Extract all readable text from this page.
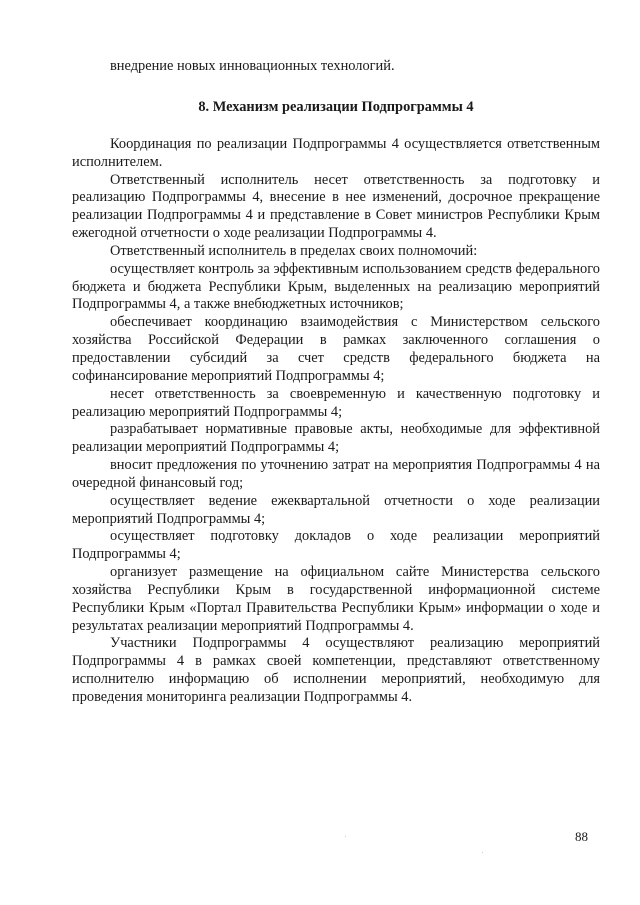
внедрение новых инновационных технологий.

8. Механизм реализации Подпрограммы 4

Координация по реализации Подпрограммы 4 осуществляется ответственным исполнителем.

Ответственный исполнитель несет ответственность за подготовку и реализацию Подпрограммы 4, внесение в нее изменений, досрочное прекращение реализации Подпрограммы 4 и представление в Совет министров Республики Крым ежегодной отчетности о ходе реализации Подпрограммы 4.

Ответственный исполнитель в пределах своих полномочий:

осуществляет контроль за эффективным использованием средств федерального бюджета и бюджета Республики Крым, выделенных на реализацию мероприятий Подпрограммы 4, а также внебюджетных источников;

обеспечивает координацию взаимодействия с Министерством сельского хозяйства Российской Федерации в рамках заключенного соглашения о предоставлении субсидий за счет средств федерального бюджета на софинансирование мероприятий Подпрограммы 4;

несет ответственность за своевременную и качественную подготовку и реализацию мероприятий Подпрограммы 4;

разрабатывает нормативные правовые акты, необходимые для эффективной реализации мероприятий Подпрограммы 4;

вносит предложения по уточнению затрат на мероприятия Подпрограммы 4 на очередной финансовый год;

осуществляет ведение ежеквартальной отчетности о ходе реализации мероприятий Подпрограммы 4;

осуществляет подготовку докладов о ходе реализации мероприятий Подпрограммы 4;

организует размещение на официальном сайте Министерства сельского хозяйства Республики Крым в государственной информационной системе Республики Крым «Портал Правительства Республики Крым» информации о ходе и результатах реализации мероприятий Подпрограммы 4.

Участники Подпрограммы 4 осуществляют реализацию мероприятий Подпрограммы 4 в рамках своей компетенции, представляют ответственному исполнителю информацию об исполнении мероприятий, необходимую для проведения мониторинга реализации Подпрограммы 4.

88
